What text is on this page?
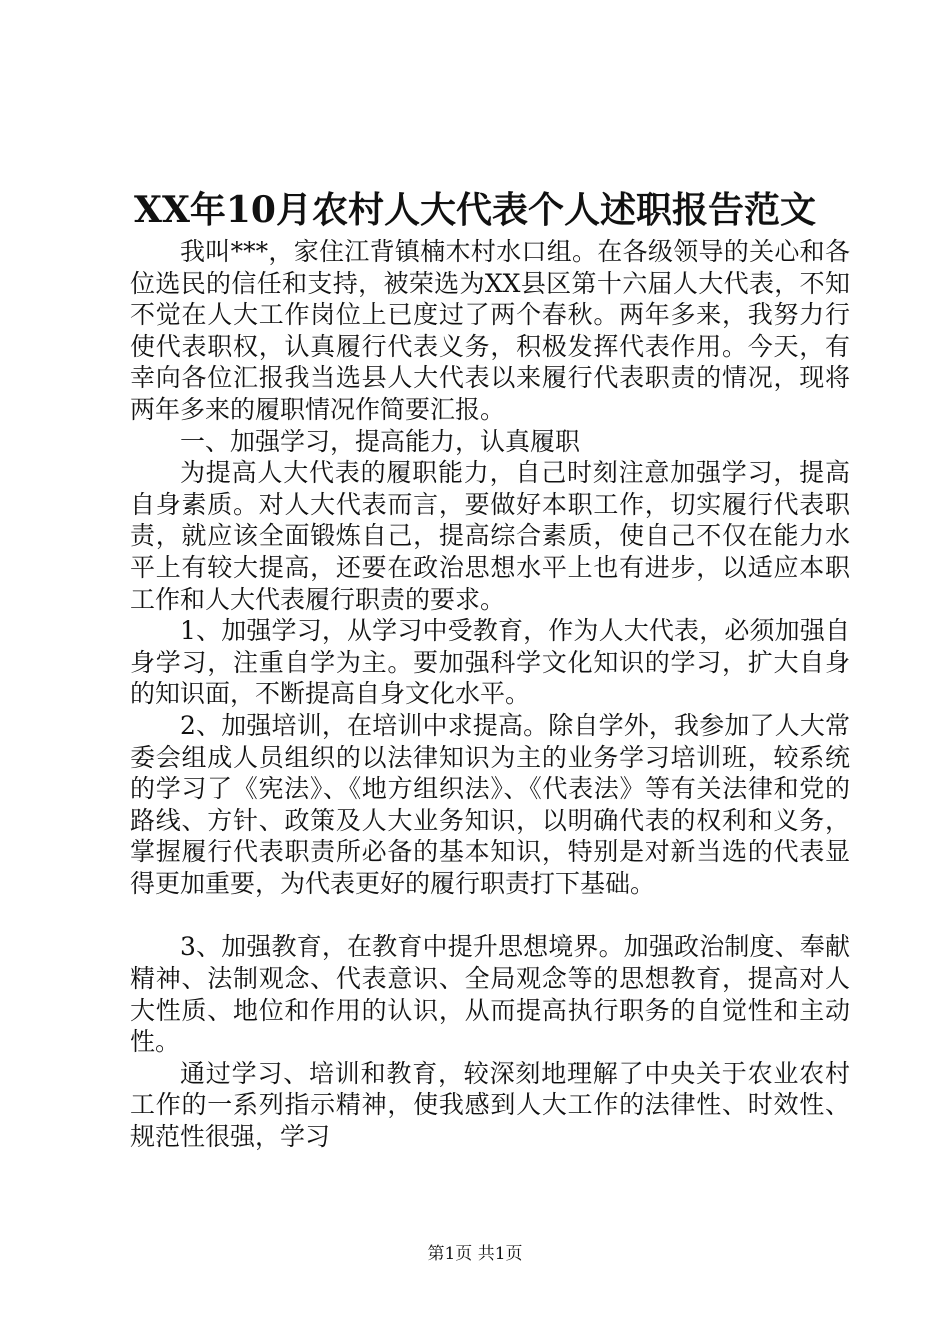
XX年10月农村人大代表个人述职报告范文

我叫***，家住江背镇楠木村水口组。在各级领导的关心和各位选民的信任和支持，被荣选为XX县区第十六届人大代表，不知不觉在人大工作岗位上已度过了两个春秋。两年多来，我努力行使代表职权，认真履行代表义务，积极发挥代表作用。今天，有幸向各位汇报我当选县人大代表以来履行代表职责的情况，现将两年多来的履职情况作简要汇报。

一、加强学习，提高能力，认真履职

为提高人大代表的履职能力，自己时刻注意加强学习，提高自身素质。对人大代表而言，要做好本职工作，切实履行代表职责，就应该全面锻炼自己，提高综合素质，使自己不仅在能力水平上有较大提高，还要在政治思想水平上也有进步，以适应本职工作和人大代表履行职责的要求。

1、加强学习，从学习中受教育，作为人大代表，必须加强自身学习，注重自学为主。要加强科学文化知识的学习，扩大自身的知识面，不断提高自身文化水平。

2、加强培训，在培训中求提高。除自学外，我参加了人大常委会组成人员组织的以法律知识为主的业务学习培训班，较系统的学习了《宪法》、《地方组织法》、《代表法》等有关法律和党的路线、方针、政策及人大业务知识，以明确代表的权利和义务，掌握履行代表职责所必备的基本知识，特别是对新当选的代表显得更加重要，为代表更好的履行职责打下基础。

3、加强教育，在教育中提升思想境界。加强政治制度、奉献精神、法制观念、代表意识、全局观念等的思想教育，提高对人大性质、地位和作用的认识，从而提高执行职务的自觉性和主动性。

通过学习、培训和教育，较深刻地理解了中央关于农业农村工作的一系列指示精神，使我感到人大工作的法律性、时效性、规范性很强，学习

第1页 共1页
